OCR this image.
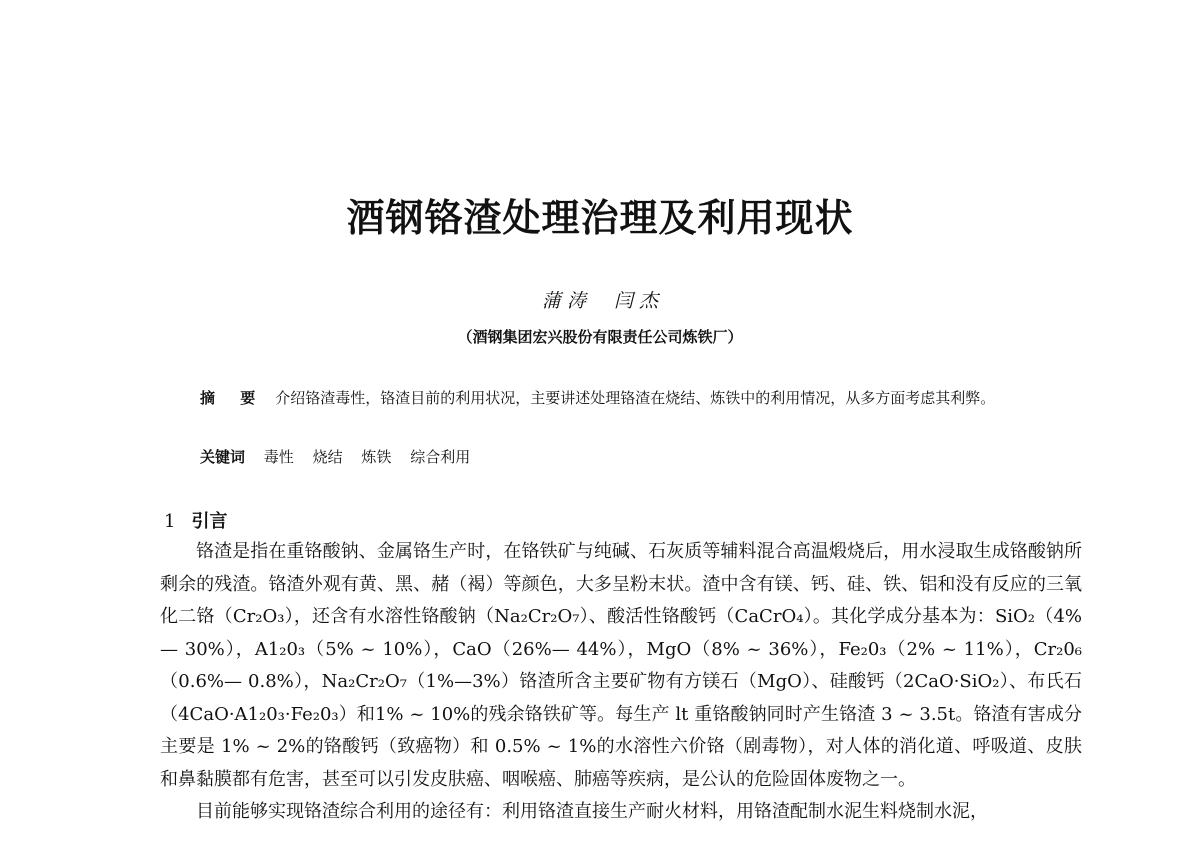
酒钢铬渣处理治理及利用现状
蒲 涛 闫 杰
（酒钢集团宏兴股份有限责任公司炼铁厂）
摘 要 介绍铬渣毒性，铬渣目前的利用状况，主要讲述处理铬渣在烧结、炼铁中的利用情况，从多方面考虑其利弊。
关键词 毒性 烧结 炼铁 综合利用
1 引言

铬渣是指在重铬酸钠、金属铬生产时，在铬铁矿与纯碱、石灰质等辅料混合高温煅烧后，用水浸取生成铬酸钠所剩余的残渣。铬渣外观有黄、黑、赭（褐）等颜色，大多呈粉末状。渣中含有镁、钙、硅、铁、铝和没有反应的三氧化二铬（Cr₂O₃），还含有水溶性铬酸钠（Na₂Cr₂O₇）、酸活性铬酸钙（CaCrO₄）。其化学成分基本为：SiO₂（4%— 30%），A1₂0₃（5% ~ 10%），CaO（26%— 44%），MgO（8% ~ 36%），Fe₂0₃（2% ~ 11%），Cr₂0₆（0.6%— 0.8%），Na₂Cr₂O₇（1%—3%）铬渣所含主要矿物有方镁石（MgO）、硅酸钙（2CaO·SiO₂）、布氏石（4CaO·A1₂0₃·Fe₂0₃）和1% ~ 10%的残余铬铁矿等。每生产 lt 重铬酸钠同时产生铬渣 3 ~ 3.5t。铬渣有害成分主要是 1% ~ 2%的铬酸钙（致癌物）和 0.5% ~ 1%的水溶性六价铬（剧毒物），对人体的消化道、呼吸道、皮肤和鼻黏膜都有危害，甚至可以引发皮肤癌、咽喉癌、肺癌等疾病，是公认的危险固体废物之一。

目前能够实现铬渣综合利用的途径有：利用铬渣直接生产耐火材料，用铬渣配制水泥生料烧制水泥，
